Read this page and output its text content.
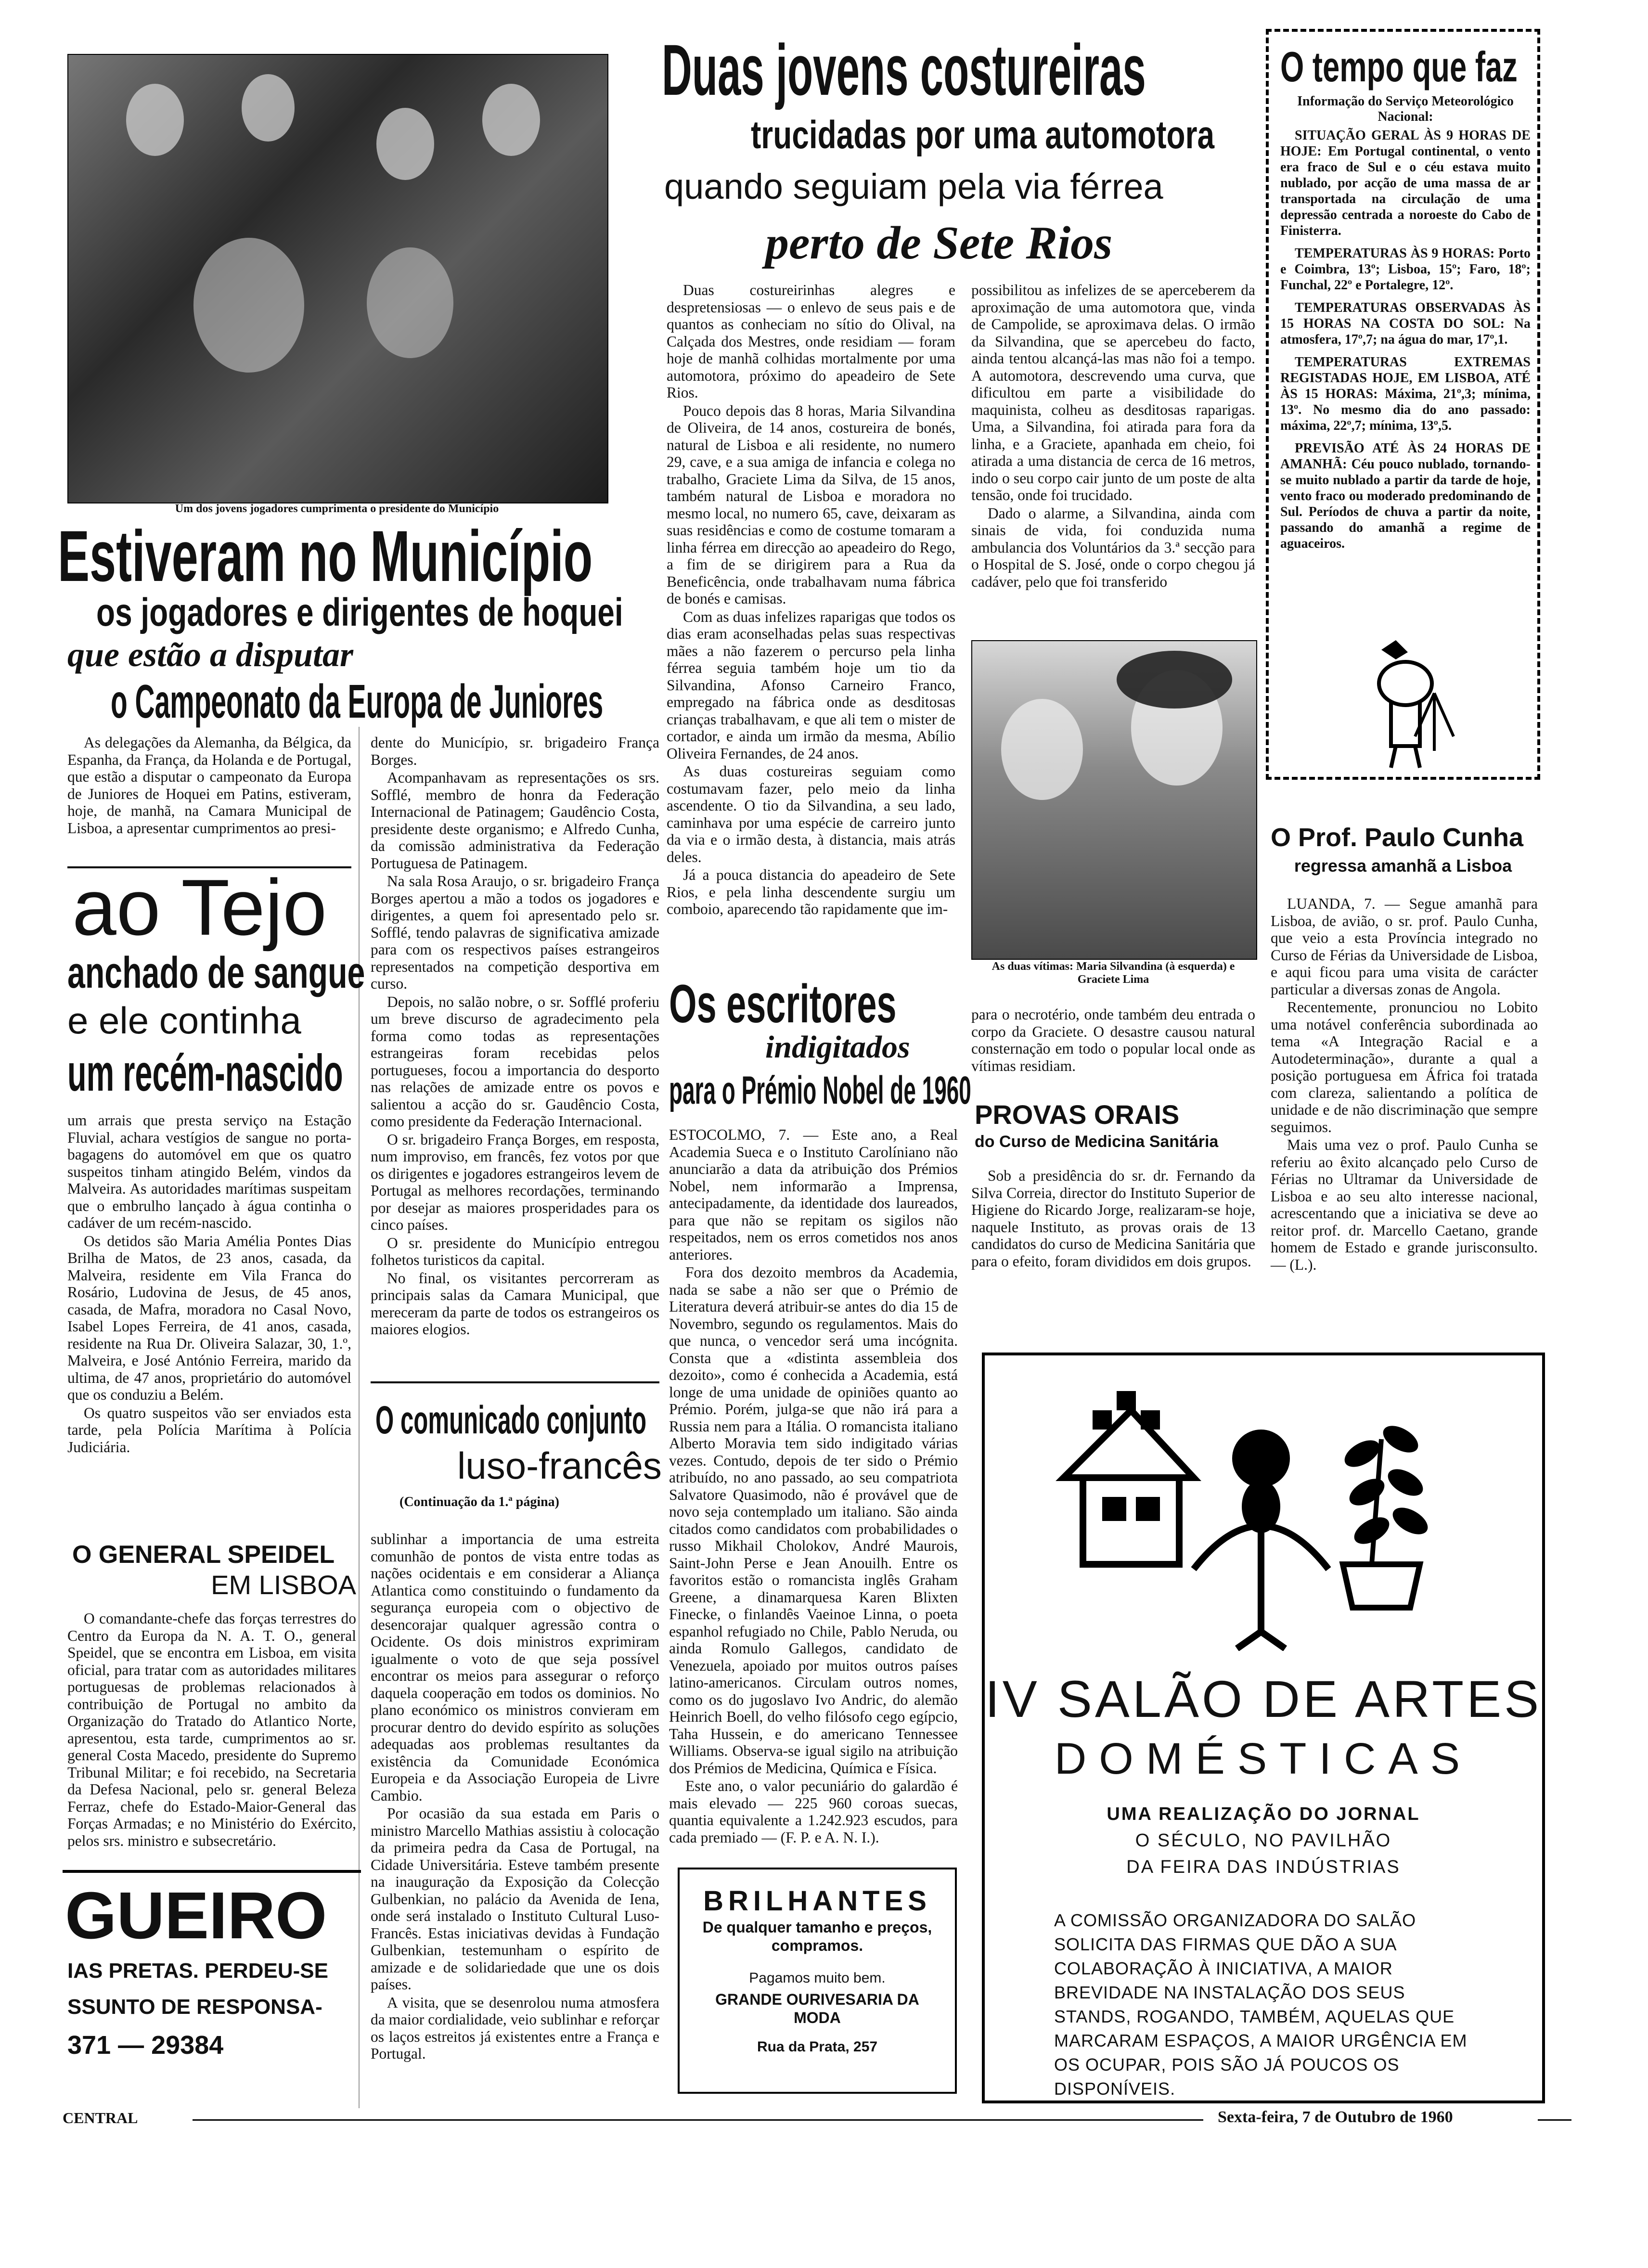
Um dos jovens jogadores cumprimenta o presidente do Município
Estiveram no Município
os jogadores e dirigentes de hoquei
que estão a disputar
o Campeonato da Europa de Juniores

As delegações da Alemanha, da Bélgica, da Espanha, da França, da Holanda e de Portugal, que estão a disputar o campeonato da Europa de Juniores de Hoquei em Patins, estiveram, hoje, de manhã, na Camara Municipal de Lisboa, a apresentar cumprimentos ao presi-

dente do Município, sr. brigadeiro França Borges.

Acompanhavam as representações os srs. Sofflé, membro de honra da Federação Internacional de Patinagem; Gaudêncio Costa, presidente deste organismo; e Alfredo Cunha, da comissão administrativa da Federação Portuguesa de Patinagem.

Na sala Rosa Araujo, o sr. brigadeiro França Borges apertou a mão a todos os jogadores e dirigentes, a quem foi apresentado pelo sr. Sofflé, tendo palavras de significativa amizade para com os respectivos países estrangeiros representados na competição desportiva em curso.

Depois, no salão nobre, o sr. Sofflé proferiu um breve discurso de agradecimento pela forma como todas as representações estrangeiras foram recebidas pelos portugueses, focou a importancia do desporto nas relações de amizade entre os povos e salientou a acção do sr. Gaudêncio Costa, como presidente da Federação Internacional.

O sr. brigadeiro França Borges, em resposta, num improviso, em francês, fez votos por que os dirigentes e jogadores estrangeiros levem de Portugal as melhores recordações, terminando por desejar as maiores prosperidades para os cinco países.

O sr. presidente do Município entregou folhetos turisticos da capital.

No final, os visitantes percorreram as principais salas da Camara Municipal, que mereceram da parte de todos os estrangeiros os maiores elogios.

ao Tejo
anchado de sangue
e ele continha
um recém-nascido

um arrais que presta serviço na Estação Fluvial, achara vestígios de sangue no porta-bagagens do automóvel em que os quatro suspeitos tinham atingido Belém, vindos da Malveira. As autoridades marítimas suspeitam que o embrulho lançado à água continha o cadáver de um recém-nascido.

Os detidos são Maria Amélia Pontes Dias Brilha de Matos, de 23 anos, casada, da Malveira, residente em Vila Franca do Rosário, Ludovina de Jesus, de 45 anos, casada, de Mafra, moradora no Casal Novo, Isabel Lopes Ferreira, de 41 anos, casada, residente na Rua Dr. Oliveira Salazar, 30, 1.º, Malveira, e José António Ferreira, marido da ultima, de 47 anos, proprietário do automóvel que os conduziu a Belém.

Os quatro suspeitos vão ser enviados esta tarde, pela Polícia Marítima à Polícia Judiciária.

O GENERAL SPEIDEL
EM LISBOA

O comandante-chefe das forças terrestres do Centro da Europa da N. A. T. O., general Speidel, que se encontra em Lisboa, em visita oficial, para tratar com as autoridades militares portuguesas de problemas relacionados à contribuição de Portugal no ambito da Organização do Tratado do Atlantico Norte, apresentou, esta tarde, cumprimentos ao sr. general Costa Macedo, presidente do Supremo Tribunal Militar; e foi recebido, na Secretaria da Defesa Nacional, pelo sr. general Beleza Ferraz, chefe do Estado-Maior-General das Forças Armadas; e no Ministério do Exército, pelos srs. ministro e subsecretário.

GUEIRO
IAS PRETAS. PERDEU-SE
SSUNTO DE RESPONSA-
371 — 29384
O comunicado conjunto
luso-francês
(Continuação da 1.ª página)

sublinhar a importancia de uma estreita comunhão de pontos de vista entre todas as nações ocidentais e em considerar a Aliança Atlantica como constituindo o fundamento da segurança europeia com o objectivo de desencorajar qualquer agressão contra o Ocidente. Os dois ministros exprimiram igualmente o voto de que seja possível encontrar os meios para assegurar o reforço daquela cooperação em todos os dominios. No plano económico os ministros convieram em procurar dentro do devido espírito as soluções adequadas aos problemas resultantes da existência da Comunidade Económica Europeia e da Associação Europeia de Livre Cambio.

Por ocasião da sua estada em Paris o ministro Marcello Mathias assistiu à colocação da primeira pedra da Casa de Portugal, na Cidade Universitária. Esteve também presente na inauguração da Exposição da Colecção Gulbenkian, no palácio da Avenida de Iena, onde será instalado o Instituto Cultural Luso-Francês. Estas iniciativas devidas à Fundação Gulbenkian, testemunham o espírito de amizade e de solidariedade que une os dois países.

A visita, que se desenrolou numa atmosfera da maior cordialidade, veio sublinhar e reforçar os laços estreitos já existentes entre a França e Portugal.

Duas jovens costureiras
trucidadas por uma automotora
quando seguiam pela via férrea
perto de Sete Rios

Duas costureirinhas alegres e despretensiosas — o enlevo de seus pais e de quantos as conheciam no sítio do Olival, na Calçada dos Mestres, onde residiam — foram hoje de manhã colhidas mortalmente por uma automotora, próximo do apeadeiro de Sete Rios.

Pouco depois das 8 horas, Maria Silvandina de Oliveira, de 14 anos, costureira de bonés, natural de Lisboa e ali residente, no numero 29, cave, e a sua amiga de infancia e colega no trabalho, Graciete Lima da Silva, de 15 anos, também natural de Lisboa e moradora no mesmo local, no numero 65, cave, deixaram as suas residências e como de costume tomaram a linha férrea em direcção ao apeadeiro do Rego, a fim de se dirigirem para a Rua da Beneficência, onde trabalhavam numa fábrica de bonés e camisas.

Com as duas infelizes raparigas que todos os dias eram aconselhadas pelas suas respectivas mães a não fazerem o percurso pela linha férrea seguia também hoje um tio da Silvandina, Afonso Carneiro Franco, empregado na fábrica onde as desditosas crianças trabalhavam, e que ali tem o mister de cortador, e ainda um irmão da mesma, Abílio Oliveira Fernandes, de 24 anos.

As duas costureiras seguiam como costumavam fazer, pelo meio da linha ascendente. O tio da Silvandina, a seu lado, caminhava por uma espécie de carreiro junto da via e o irmão desta, à distancia, mais atrás deles.

Já a pouca distancia do apeadeiro de Sete Rios, e pela linha descendente surgiu um comboio, aparecendo tão rapidamente que im-

possibilitou as infelizes de se aperceberem da aproximação de uma automotora que, vinda de Campolide, se aproximava delas. O irmão da Silvandina, que se apercebeu do facto, ainda tentou alcançá-las mas não foi a tempo. A automotora, descrevendo uma curva, que dificultou em parte a visibilidade do maquinista, colheu as desditosas raparigas. Uma, a Silvandina, foi atirada para fora da linha, e a Graciete, apanhada em cheio, foi atirada a uma distancia de cerca de 16 metros, indo o seu corpo cair junto de um poste de alta tensão, onde foi trucidado.

Dado o alarme, a Silvandina, ainda com sinais de vida, foi conduzida numa ambulancia dos Voluntários da 3.ª secção para o Hospital de S. José, onde o corpo chegou já cadáver, pelo que foi transferido

As duas vítimas: Maria Silvandina (à esquerda) e Graciete Lima

para o necrotério, onde também deu entrada o corpo da Graciete. O desastre causou natural consternação em todo o popular local onde as vítimas residiam.

Os escritores
indigitados
para o Prémio Nobel de 1960

ESTOCOLMO, 7. — Este ano, a Real Academia Sueca e o Instituto Carolíniano não anunciarão a data da atribuição dos Prémios Nobel, nem informarão a Imprensa, antecipadamente, da identidade dos laureados, para que não se repitam os sigilos não respeitados, nem os erros cometidos nos anos anteriores.

Fora dos dezoito membros da Academia, nada se sabe a não ser que o Prémio de Literatura deverá atribuir-se antes do dia 15 de Novembro, segundo os regulamentos. Mais do que nunca, o vencedor será uma incógnita. Consta que a «distinta assembleia dos dezoito», como é conhecida a Academia, está longe de uma unidade de opiniões quanto ao Prémio. Porém, julga-se que não irá para a Russia nem para a Itália. O romancista italiano Alberto Moravia tem sido indigitado várias vezes. Contudo, depois de ter sido o Prémio atribuído, no ano passado, ao seu compatriota Salvatore Quasimodo, não é provável que de novo seja contemplado um italiano. São ainda citados como candidatos com probabilidades o russo Mikhail Cholokov, André Maurois, Saint-John Perse e Jean Anouilh. Entre os favoritos estão o romancista inglês Graham Greene, a dinamarquesa Karen Blixten Finecke, o finlandês Vaeinoe Linna, o poeta espanhol refugiado no Chile, Pablo Neruda, ou ainda Romulo Gallegos, candidato de Venezuela, apoiado por muitos outros países latino-americanos. Circulam outros nomes, como os do jugoslavo Ivo Andric, do alemão Heinrich Boell, do velho filósofo cego egípcio, Taha Hussein, e do americano Tennessee Williams. Observa-se igual sigilo na atribuição dos Prémios de Medicina, Química e Física.

Este ano, o valor pecuniário do galardão é mais elevado — 225 960 coroas suecas, quantia equivalente a 1.242.923 escudos, para cada premiado — (F. P. e A. N. I.).

PROVAS ORAIS
do Curso de Medicina Sanitária

Sob a presidência do sr. dr. Fernando da Silva Correia, director do Instituto Superior de Higiene do Ricardo Jorge, realizaram-se hoje, naquele Instituto, as provas orais de 13 candidatos do curso de Medicina Sanitária que para o efeito, foram divididos em dois grupos.

BRILHANTES
De qualquer tamanho e preços, compramos.
Pagamos muito bem.
GRANDE OURIVESARIA DA MODA
Rua da Prata, 257
O tempo que faz
Informação do Serviço Meteorológico Nacional:

SITUAÇÃO GERAL ÀS 9 HORAS DE HOJE: Em Portugal continental, o vento era fraco de Sul e o céu estava muito nublado, por acção de uma massa de ar transportada na circulação de uma depressão centrada a noroeste do Cabo de Finisterra.

TEMPERATURAS ÀS 9 HORAS: Porto e Coimbra, 13º; Lisboa, 15º; Faro, 18º; Funchal, 22º e Portalegre, 12º.

TEMPERATURAS OBSERVADAS ÀS 15 HORAS NA COSTA DO SOL: Na atmosfera, 17º,7; na água do mar, 17º,1.

TEMPERATURAS EXTREMAS REGISTADAS HOJE, EM LISBOA, ATÉ ÀS 15 HORAS: Máxima, 21º,3; mínima, 13º. No mesmo dia do ano passado: máxima, 22º,7; mínima, 13º,5.

PREVISÃO ATÉ ÀS 24 HORAS DE AMANHÃ: Céu pouco nublado, tornando-se muito nublado a partir da tarde de hoje, vento fraco ou moderado predominando de Sul. Períodos de chuva a partir da noite, passando do amanhã a regime de aguaceiros.

O Prof. Paulo Cunha
regressa amanhã a Lisboa

LUANDA, 7. — Segue amanhã para Lisboa, de avião, o sr. prof. Paulo Cunha, que veio a esta Província integrado no Curso de Férias da Universidade de Lisboa, e aqui ficou para uma visita de carácter particular a diversas zonas de Angola.

Recentemente, pronunciou no Lobito uma notável conferência subordinada ao tema «A Integração Racial e a Autodeterminação», durante a qual a posição portuguesa em África foi tratada com clareza, salientando a política de unidade e de não discriminação que sempre seguimos.

Mais uma vez o prof. Paulo Cunha se referiu ao êxito alcançado pelo Curso de Férias no Ultramar da Universidade de Lisboa e ao seu alto interesse nacional, acrescentando que a iniciativa se deve ao reitor prof. dr. Marcello Caetano, grande homem de Estado e grande jurisconsulto. — (L.).

IV SALÃO DE ARTES
DOMÉSTICAS
UMA REALIZAÇÃO DO JORNAL
O SÉCULO, NO PAVILHÃO
DA FEIRA DAS INDÚSTRIAS
A COMISSÃO ORGANIZADORA DO SALÃO SOLICITA DAS FIRMAS QUE DÃO A SUA COLABORAÇÃO À INICIATIVA, A MAIOR BREVIDADE NA INSTALAÇÃO DOS SEUS STANDS, ROGANDO, TAMBÉM, AQUELAS QUE MARCARAM ESPAÇOS, A MAIOR URGÊNCIA EM OS OCUPAR, POIS SÃO JÁ POUCOS OS DISPONÍVEIS.
CENTRAL	Sexta-feira, 7 de Outubro de 1960
